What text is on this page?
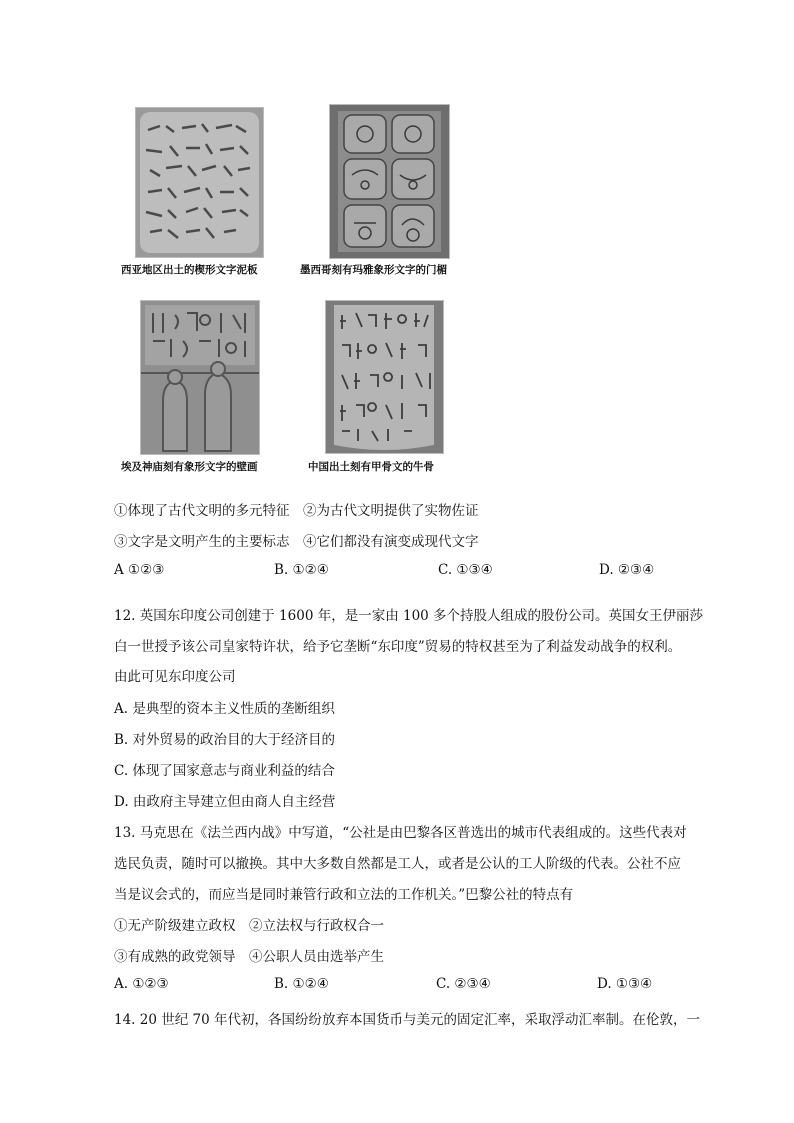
西亚地区出土的楔形文字泥板	墨西哥刻有玛雅象形文字的门楣
埃及神庙刻有象形文字的壁画	中国出土刻有甲骨文的牛骨
①体现了古代文明的多元特征　②为古代文明提供了实物佐证
③文字是文明产生的主要标志　④它们都没有演变成现代文字
A ①②③	B. ①②④	C. ①③④	D. ②③④
12. 英国东印度公司创建于 1600 年，是一家由 100 多个持股人组成的股份公司。英国女王伊丽莎
白一世授予该公司皇家特许状，给予它垄断“东印度”贸易的特权甚至为了利益发动战争的权利。
由此可见东印度公司
A. 是典型的资本主义性质的垄断组织
B. 对外贸易的政治目的大于经济目的
C. 体现了国家意志与商业利益的结合
D. 由政府主导建立但由商人自主经营
13. 马克思在《法兰西内战》中写道，“公社是由巴黎各区普选出的城市代表组成的。这些代表对
选民负责，随时可以撤换。其中大多数自然都是工人，或者是公认的工人阶级的代表。公社不应
当是议会式的，而应当是同时兼管行政和立法的工作机关。”巴黎公社的特点有
①无产阶级建立政权　②立法权与行政权合一
③有成熟的政党领导　④公职人员由选举产生
A. ①②③	B. ①②④	C. ②③④	D. ①③④
14. 20 世纪 70 年代初，各国纷纷放弃本国货币与美元的固定汇率，采取浮动汇率制。在伦敦，一
